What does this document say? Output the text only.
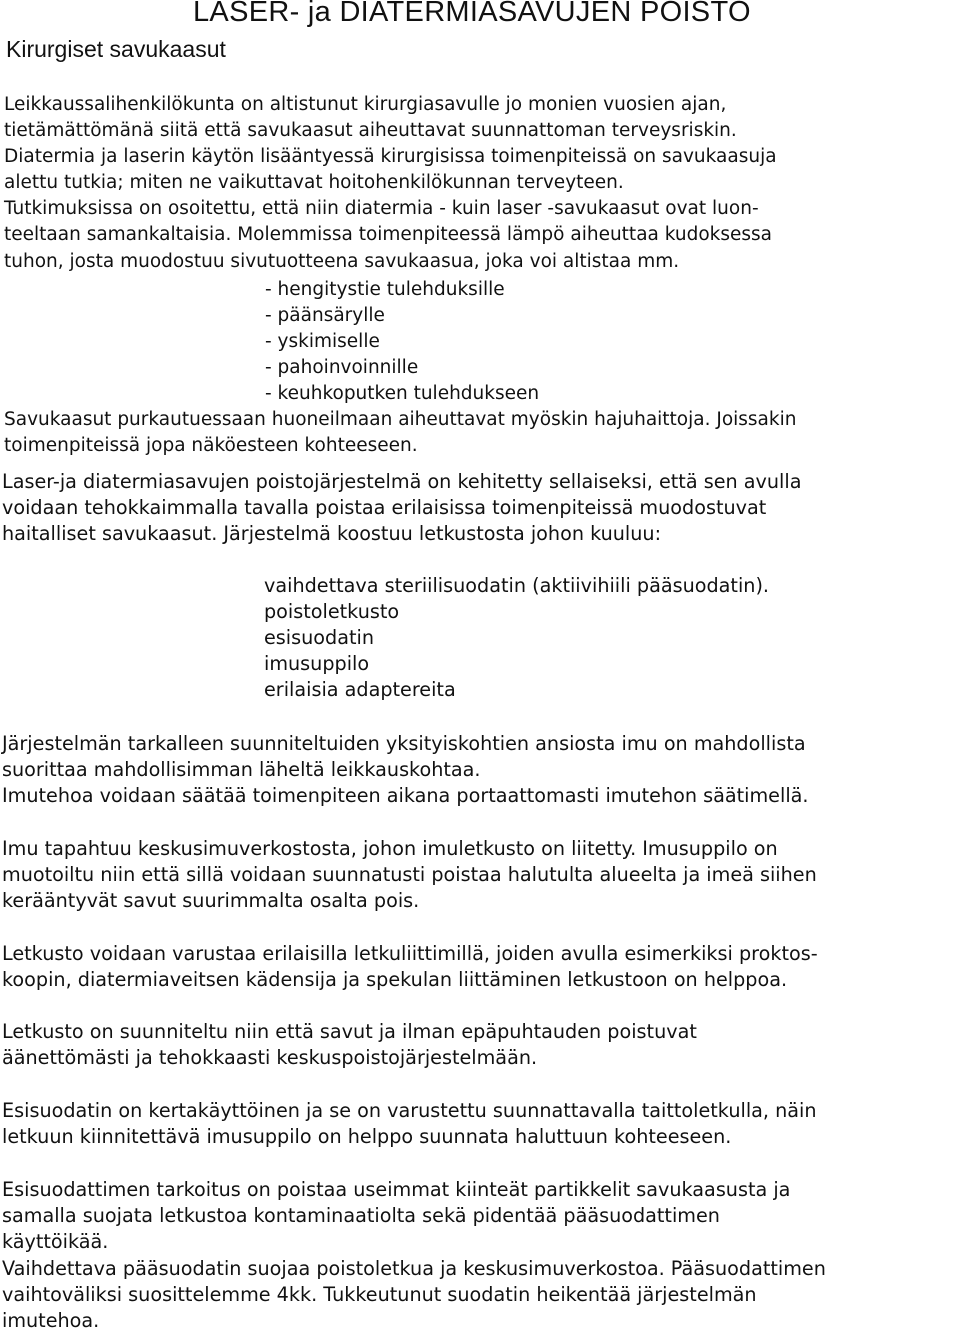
LASER- ja DIATERMIASAVUJEN POISTO
Kirurgiset savukaasut
Leikkaussalihenkilökunta on altistunut kirurgiasavulle jo monien vuosien ajan,
tietämättömänä siitä että savukaasut aiheuttavat suunnattoman terveysriskin.
Diatermia ja laserin käytön lisääntyessä kirurgisissa toimenpiteissä on savukaasuja
alettu tutkia; miten ne vaikuttavat hoitohenkilökunnan terveyteen.
Tutkimuksissa on osoitettu, että niin diatermia - kuin laser -savukaasut ovat luon-
teeltaan samankaltaisia. Molemmissa toimenpiteessä lämpö aiheuttaa kudoksessa
tuhon, josta muodostuu sivutuotteena savukaasua, joka voi altistaa mm.
- hengitystie tulehduksille
- päänsärylle
- yskimiselle
- pahoinvoinnille
- keuhkoputken tulehdukseen
Savukaasut purkautuessaan huoneilmaan aiheuttavat myöskin hajuhaittoja. Joissakin
toimenpiteissä jopa näköesteen kohteeseen.
Laser-ja diatermiasavujen poistojärjestelmä on kehitetty sellaiseksi, että sen avulla
voidaan tehokkaimmalla tavalla poistaa erilaisissa toimenpiteissä muodostuvat
haitalliset savukaasut. Järjestelmä koostuu letkustosta johon kuuluu:
vaihdettava steriilisuodatin (aktiivihiili pääsuodatin).
poistoletkusto
esisuodatin
imusuppilo
erilaisia adaptereita
Järjestelmän tarkalleen suunniteltuiden yksityiskohtien ansiosta imu on mahdollista
suorittaa mahdollisimman läheltä leikkauskohtaa.
Imutehoa voidaan säätää toimenpiteen aikana portaattomasti imutehon säätimellä.
Imu tapahtuu keskusimuverkostosta, johon imuletkusto on liitetty. Imusuppilo on
muotoiltu niin että sillä voidaan suunnatusti poistaa halutulta alueelta ja imeä siihen
kerääntyvät savut suurimmalta osalta pois.
Letkusto voidaan varustaa erilaisilla letkuliittimillä, joiden avulla esimerkiksi proktos-
koopin, diatermiaveitsen kädensija ja spekulan liittäminen letkustoon on helppoa.
Letkusto on suunniteltu niin että savut ja ilman epäpuhtauden poistuvat
äänettömästi ja tehokkaasti keskuspoistojärjestelmään.
Esisuodatin on kertakäyttöinen ja se on varustettu suunnattavalla taittoletkulla, näin
letkuun kiinnitettävä imusuppilo on helppo suunnata haluttuun kohteeseen.
Esisuodattimen tarkoitus on poistaa useimmat kiinteät partikkelit savukaasusta ja
samalla suojata letkustoa kontaminaatiolta sekä pidentää pääsuodattimen
käyttöikää.
Vaihdettava pääsuodatin suojaa poistoletkua ja keskusimuverkostoa. Pääsuodattimen
vaihtoväliksi suosittelemme 4kk. Tukkeutunut suodatin heikentää järjestelmän
imutehoa.
